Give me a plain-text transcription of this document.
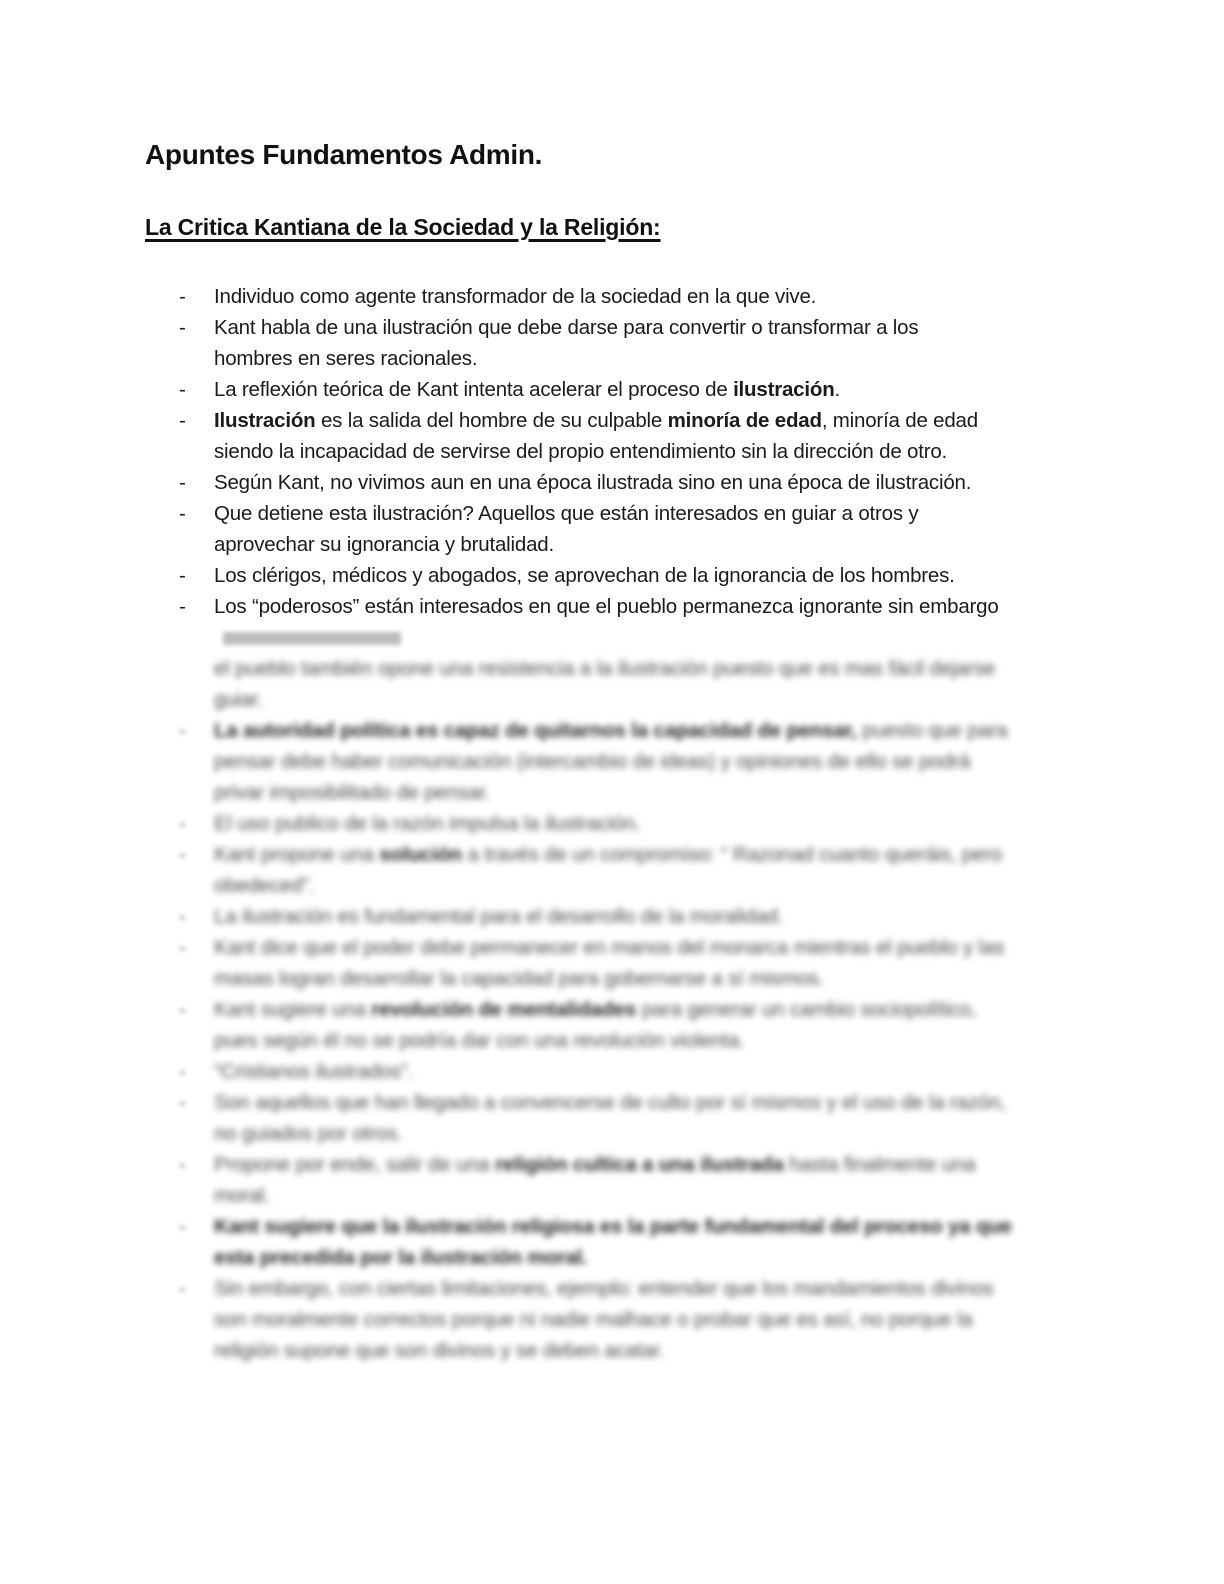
Apuntes Fundamentos Admin.
La Critica Kantiana de la Sociedad y la Religión:
- Individuo como agente transformador de la sociedad en la que vive.
- Kant habla de una ilustración que debe darse para convertir o transformar a los
hombres en seres racionales.
- La reflexión teórica de Kant intenta acelerar el proceso de ilustración.
- Ilustración es la salida del hombre de su culpable minoría de edad, minoría de edad
siendo la incapacidad de servirse del propio entendimiento sin la dirección de otro.
- Según Kant, no vivimos aun en una época ilustrada sino en una época de ilustración.
- Que detiene esta ilustración? Aquellos que están interesados en guiar a otros y
aprovechar su ignorancia y brutalidad.
- Los clérigos, médicos y abogados, se aprovechan de la ignorancia de los hombres.
- Los “poderosos” están interesados en que el pueblo permanezca ignorante sin embargo
el pueblo también opone una resistencia a la ilustración puesto que es mas fácil dejarse
guiar.
- La autoridad política es capaz de quitarnos la capacidad de pensar, puesto que para
pensar debe haber comunicación (intercambio de ideas) y opiniones de ello se podrá
privar imposibilitado de pensar.
- El uso publico de la razón impulsa la ilustración.
- Kant propone una solución a través de un compromiso: “ Razonad cuanto queráis, pero
obedeced”.
- La ilustración es fundamental para el desarrollo de la moralidad.
- Kant dice que el poder debe permanecer en manos del monarca mientras el pueblo y las
masas logran desarrollar la capacidad para gobernarse a sí mismos.
- Kant sugiere una revolución de mentalidades para generar un cambio sociopolítico,
pues según él no se podría dar con una revolución violenta.
- “Cristianos ilustrados”.
- Son aquellos que han llegado a convencerse de culto por sí mismos y el uso de la razón,
no guiados por otros.
- Propone por ende, salir de una religión cultica a una ilustrada hasta finalmente una
moral.
- Kant sugiere que la ilustración religiosa es la parte fundamental del proceso ya que
esta precedida por la ilustración moral.
- Sin embargo, con ciertas limitaciones, ejemplo: entender que los mandamientos divinos
son moralmente correctos porque ni nadie malhace o probar que es así, no porque la
religión supone que son divinos y se deben acatar.
